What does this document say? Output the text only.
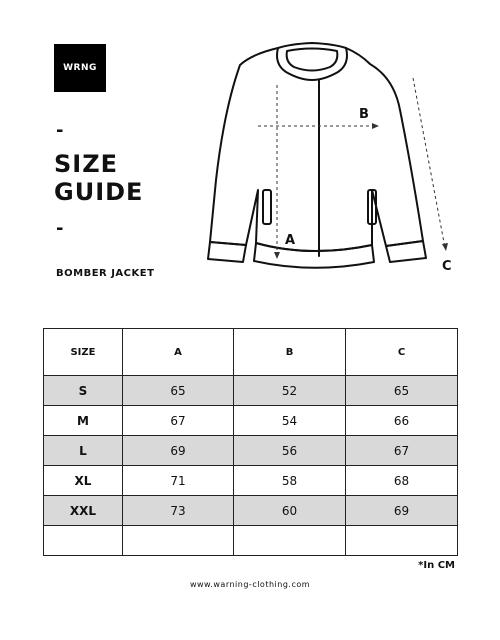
WRNG
-
SIZE
GUIDE
-
BOMBER JACKET
A
B
C
SIZE	A	B	C
S	65	52	65
M	67	54	66
L	69	56	67
XL	71	58	68
XXL	73	60	69

*In CM
www.warning-clothing.com
